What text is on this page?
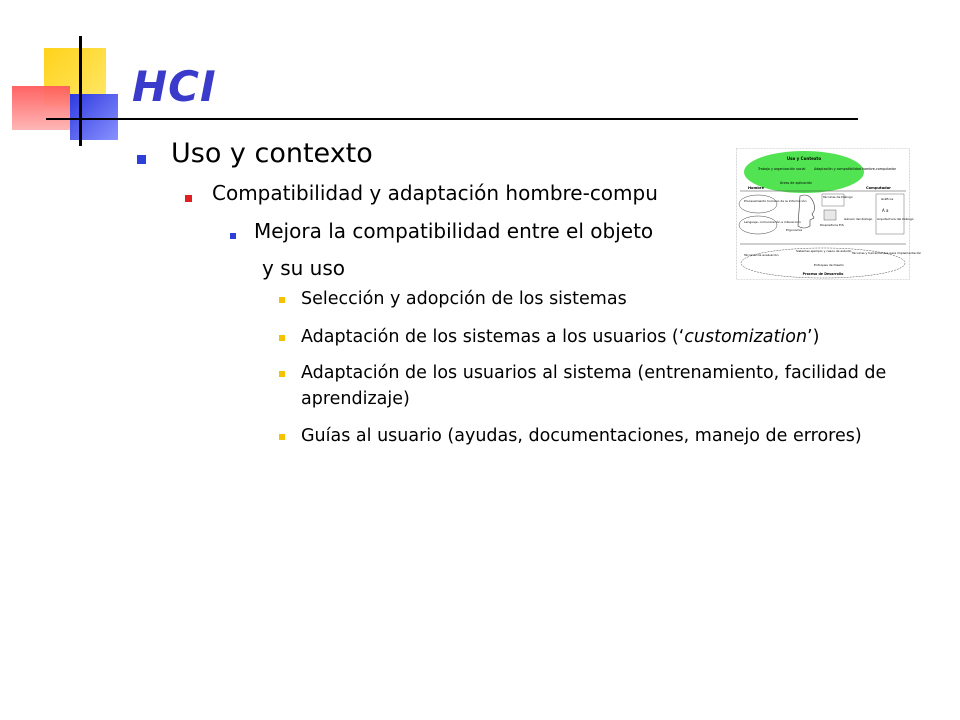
HCI

Uso y contexto

Compatibilidad y adaptación hombre-compu

Mejora la compatibilidad entre el objeto

y su uso

Uso y Contexto
Trabajo y organización social	Adaptación y compatibilidad hombre-computador
Áreas de aplicación
Hombre	Computador
Procesamiento humano de la información
Lenguaje, comunicación e interacción
Ergonomía
Técnicas de Diálogo
Dispositivos E/S
Género del diálogo
Gráficos
A a
Arquitectura del Diálogo
Técnicas de evaluación
Sistemas ejemplo y casos de estudio Técnicas y herramientas para implementación
Enfoques de Diseño
Proceso de Desarrollo

Selección y adopción de los sistemas

Adaptación de los sistemas a los usuarios (‘customization’)

Adaptación de los usuarios al sistema (entrenamiento, facilidad de aprendizaje)

Guías al usuario (ayudas, documentaciones, manejo de errores)
